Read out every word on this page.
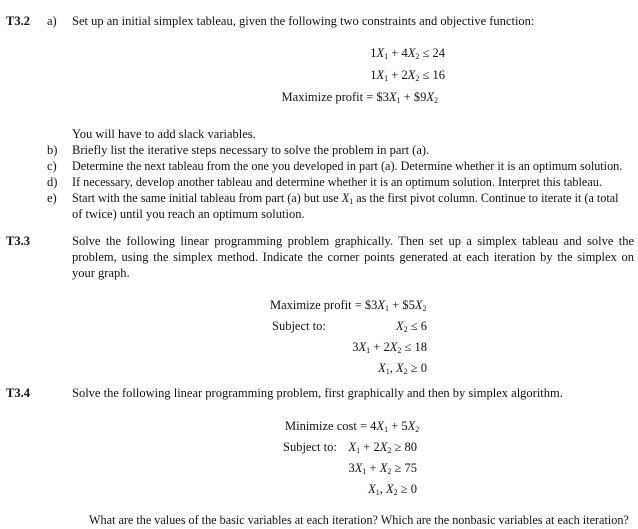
T3.2 a) Set up an initial simplex tableau, given the following two constraints and objective function:
$1X_1 + 4X_2 \le 24$
$1X_1 + 2X_2 \le 16$
Maximize profit = $\$3X_1$ + $\$9X_2$
You will have to add slack variables.
b) Briefly list the iterative steps necessary to solve the problem in part (a).
c) Determine the next tableau from the one you developed in part (a). Determine whether it is an optimum solution.
d) If necessary, develop another tableau and determine whether it is an optimum solution. Interpret this tableau.
e) Start with the same initial tableau from part (a) but use $X_1$ as the first pivot column. Continue to iterate it (a total
of twice) until you reach an optimum solution.
T3.3	Solve the following linear programming problem graphically. Then set up a simplex tableau and solve the problem, using the simplex method. Indicate the corner points generated at each iteration by the simplex on your graph.
Maximize profit = $\$3X_1$ + $\$5X_2$
Subject to:	$X_2 \le 6$
$3X_1 + 2X_2 \le 18$
$X_1$, $X_2 \ge 0$
T3.4	Solve the following linear programming problem, first graphically and then by simplex algorithm.
Minimize $\cos t = 4X_1 + 5X_2$
Subject to: $X_1 + 2X_2 \ge 80$
$3X_1 + X_2 \ge 75$
$X_1$, $X_2 \ge 0$
What are the values of the basic variables at each iteration? Which are the nonbasic variables at each iteration?
